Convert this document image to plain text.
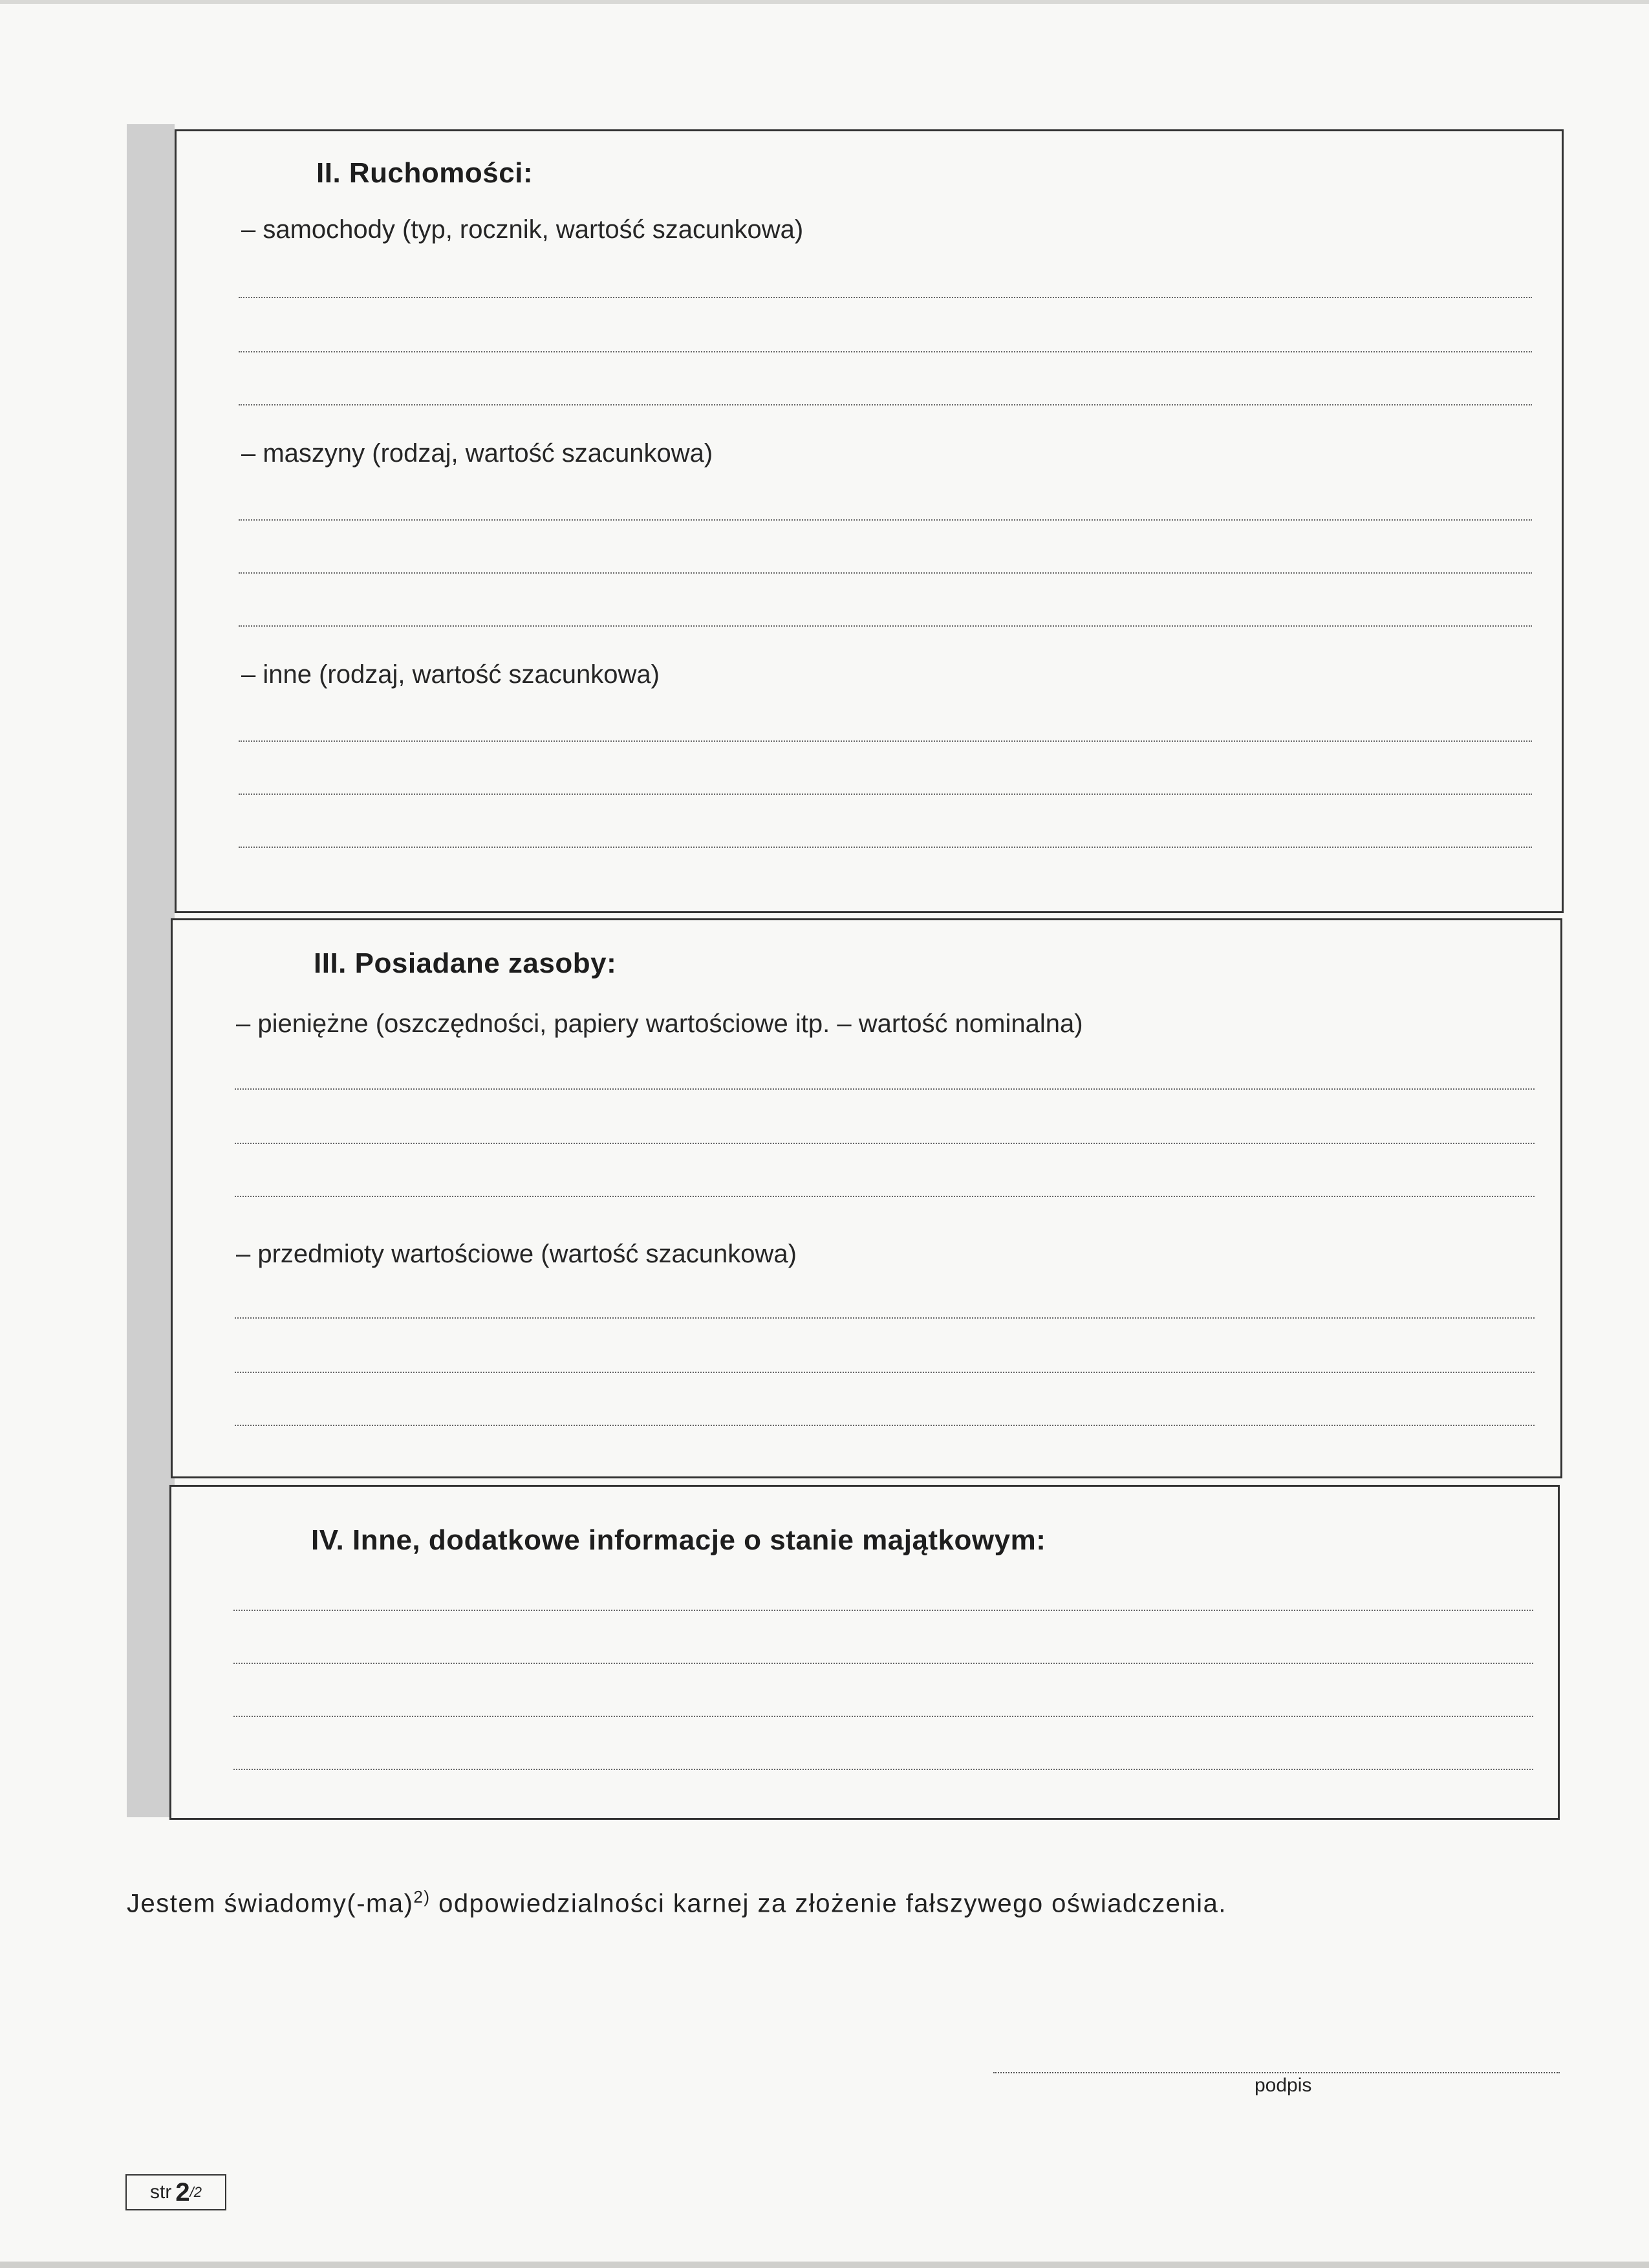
II. Ruchomości:
– samochody (typ, rocznik, wartość szacunkowa)
– maszyny (rodzaj, wartość szacunkowa)
– inne (rodzaj, wartość szacunkowa)
III. Posiadane zasoby:
– pieniężne (oszczędności, papiery wartościowe itp. – wartość nominalna)
– przedmioty wartościowe (wartość szacunkowa)
IV. Inne, dodatkowe informacje o stanie majątkowym:
Jestem $świadomy(-ma)^{2)}$ odpowiedzialności karnej za złożenie fałszywego oświadczenia.
podpis
str 2 /2
